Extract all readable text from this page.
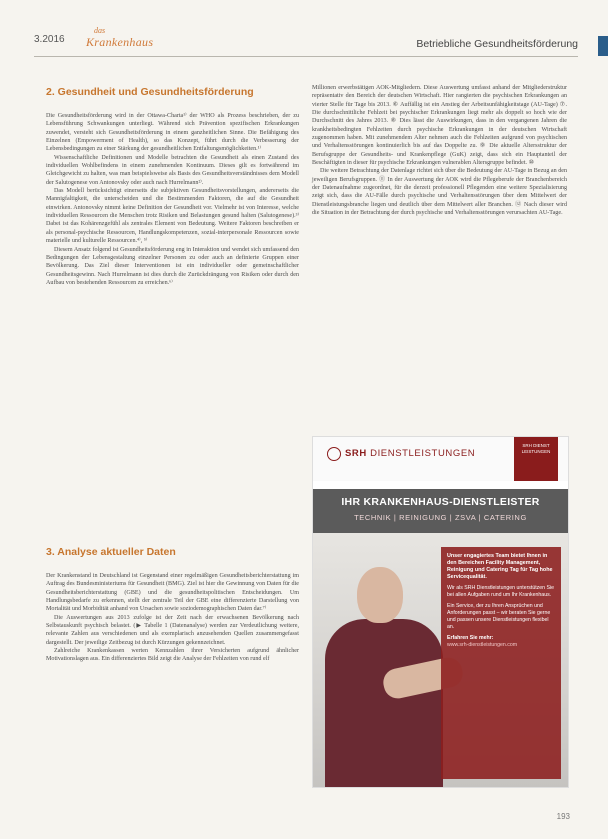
3.2016
das
Krankenhaus	Betriebliche Gesundheitsförderung
2. Gesundheit und Gesundheitsförderung

Die Gesundheitsförderung wird in der Ottawa-Charta¹⁾ der WHO als Prozess beschrieben, der zu Lebensführung Schwankungen unterliegt. Während sich Prävention spezifischen Erkrankungen zuwendet, versteht sich Gesundheitsförderung in einem ganzheitlichen Sinne. Die Befähigung des Einzelnen (Empowerment of Health), so das Konzept, führt durch die Verbesserung der Lebensbedingungen zu einer Stärkung der gesundheitlichen Entfaltungsmöglichkeiten.¹⁾

Wissenschaftliche Definitionen und Modelle betrachten die Gesundheit als einen Zustand des individuellen Wohlbefindens in einem zunehmenden Kontinuum. Dieses gilt es fortwährend im Gleichgewicht zu halten, was man beispielsweise als Basis des Gesundheitsverständnisses dem Modell der Salutogenese von Antonovsky oder auch nach Hurrelmann²⁾.

Das Modell berücksichtigt einerseits die subjektiven Gesundheitsvorstellungen, andererseits die Mannigfaltigkeit, die unterscheiden und die Bestimmenden Faktoren, die auf die Gesundheit einwirken. Antonovsky nimmt keine Definition der Gesundheit vor. Vielmehr ist von Interesse, welche individuellen Ressourcen die Menschen trotz Risiken und Belastungen gesund halten (Salutogenese).³⁾ Dabei ist das Kohärenzgefühl als zentrales Element von Bedeutung. Weitere Faktoren beschreiben er als personal-psychische Ressourcen, Handlungskompetenzen, sozial-interpersonale Ressourcen sowie materielle und kulturelle Ressourcen.⁴⁾, ⁵⁾

Diesem Ansatz folgend ist Gesundheitsförderung eng in Interaktion und wendet sich umfassend den Bedingungen der Lebensgestaltung einzelner Personen zu oder auch an definierte Gruppen einer Bevölkerung. Das Ziel dieser Interventionen ist ein individueller oder gemeinschaftlicher Gesundheitsgewinn. Nach Hurrelmann ist dies durch die Zurückdrängung von Risiken oder durch den Aufbau von bestehenden Ressourcen zu erreichen.⁶⁾

3. Analyse aktueller Daten

Der Krankenstand in Deutschland ist Gegenstand einer regelmäßigen Gesundheitsberichterstattung im Auftrag des Bundesministeriums für Gesundheit (BMG). Ziel ist hier die Gewinnung von Daten für die Gesundheitsberichterstattung (GBE) und die gesundheitspolitischen Entscheidungen. Um Handlungsbedarfe zu erkennen, stellt der zentrale Teil der GBE eine differenzierte Darstellung von Mortalität und Morbidität anhand von Ursachen sowie soziodemographischen Daten dar.⁷⁾

Die Auswertungen aus 2013 zufolge ist der Zeit nach der erwachsenen Bevölkerung nach Selbstauskunft psychisch belastet. (▶ Tabelle 1 (Datenanalyse) werden zur Verdeutlichung weitere, relevante Zahlen aus verschiedenen und als exemplarisch anzusehenden Quellen zusammengefasst dargestellt. Der jeweilige Zeitbezug ist durch Kürzungen gekennzeichnet.

Zahlreiche Krankenkassen werten Kennzahlen ihrer Versicherten aufgrund ähnlicher Motivationslagen aus. Ein differenziertes Bild zeigt die Analyse der Fehlzeiten von rund elf

Millionen erwerbstätigen AOK-Mitgliedern. Diese Auswertung umfasst anhand der Mitgliederstruktur repräsentativ den Bereich der deutschen Wirtschaft. Hier rangierten die psychischen Erkrankungen an vierter Stelle für Tage bis 2013. ⑥ Auffällig ist ein Anstieg der Arbeitsunfähigkeitstage (AU-Tage) ⑦. Die durchschnittliche Fehlzeit bei psychischer Erkrankungen liegt mehr als doppelt so hoch wie der Durchschnitt des Jahres 2013. ⑧ Dies lässt die Auswirkungen, dass in den vergangenen Jahren die krankheitsbedingten Fehlzeiten durch psychische Erkrankungen in der deutschen Wirtschaft zugenommen haben. Mit zunehmendem Alter nehmen auch die Fehlzeiten aufgrund von psychischen und Verhaltensstörungen kontinuierlich bis auf das Doppelte zu. ⑨ Die aktuelle Altersstruktur der Berufsgruppe der Gesundheits- und Krankenpflege (GuK) zeigt, dass sich ein Hauptanteil der Beschäftigten in dieser für psychische Erkrankungen vulnerablen Altersgruppe befindet. ⑩

Die weitere Betrachtung der Datenlage richtet sich über die Bedeutung der AU-Tage in Bezug an den jeweiligen Berufsgruppen. ⑪ In der Auswertung der AOK wird die Pflegeberufe der Branchenbereich der Datenaufnahme zugeordnet, für die derzeit professionell Pflegenden eine weitere Spezialisierung zeigt sich, dass die AU-Fälle durch psychische und Verhaltensstörungen über dem Mittelwert der Dienstleistungsbranche liegen und deutlich über dem Mittelwert aller Branchen. ⑫ Nach dieser wird die Situation in der Betrachtung der durch psychische und Verhaltensstörungen verursachten AU-Tage.

SRH DIENSTLEISTUNGEN
SRH DIENST LEISTUNGEN
IHR KRANKENHAUS-DIENSTLEISTER
TECHNIK | REINIGUNG | ZSVA | CATERING
Unser engagiertes Team bietet Ihnen in den Bereichen Facility Management, Reinigung und Catering Tag für Tag hohe Servicequalität.
Wir als SRH Dienstleistungen unterstützen Sie bei allen Aufgaben rund um Ihr Krankenhaus.
Ein Service, der zu Ihren Ansprüchen und Anforderungen passt – wir beraten Sie gerne und passen unsere Dienstleistungen flexibel an.
Erfahren Sie mehr:
www.srh-dienstleistungen.com
193
